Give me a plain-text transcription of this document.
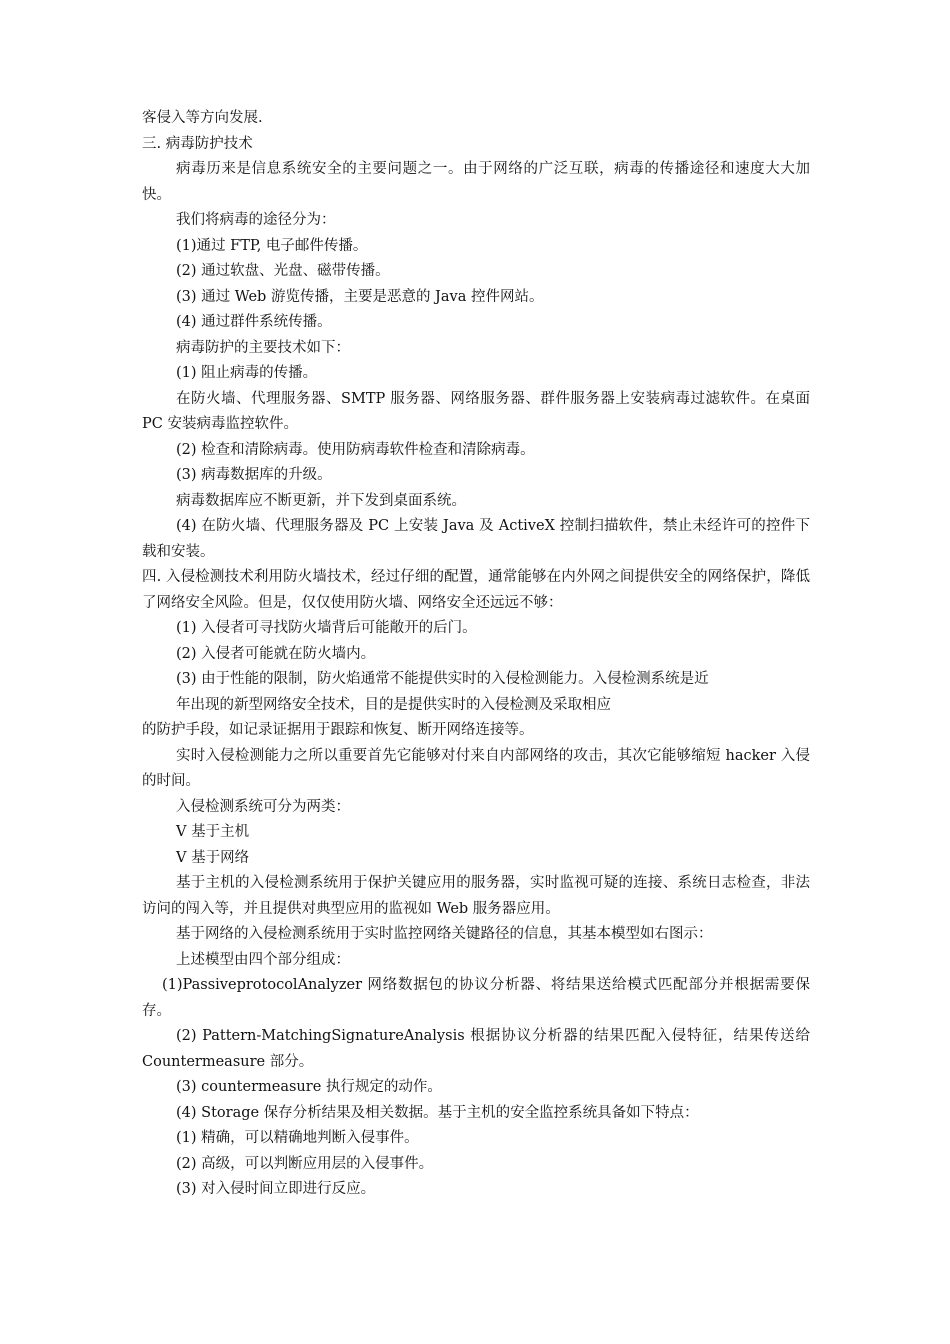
客侵入等方向发展.

三. 病毒防护技术

病毒历来是信息系统安全的主要问题之一。由于网络的广泛互联，病毒的传播途径和速度大大加快。

我们将病毒的途径分为：

(1)通过 FTP, 电子邮件传播。

(2) 通过软盘、光盘、磁带传播。

(3) 通过 Web 游览传播，主要是恶意的 Java 控件网站。

(4) 通过群件系统传播。

病毒防护的主要技术如下：

(1) 阻止病毒的传播。

在防火墙、代理服务器、SMTP 服务器、网络服务器、群件服务器上安装病毒过滤软件。在桌面 PC 安装病毒监控软件。

(2) 检查和清除病毒。使用防病毒软件检查和清除病毒。

(3) 病毒数据库的升级。

病毒数据库应不断更新，并下发到桌面系统。

(4) 在防火墙、代理服务器及 PC 上安装 Java 及 ActiveX 控制扫描软件，禁止未经许可的控件下载和安装。

四. 入侵检测技术利用防火墙技术，经过仔细的配置，通常能够在内外网之间提供安全的网络保护，降低了网络安全风险。但是，仅仅使用防火墙、网络安全还远远不够：

(1) 入侵者可寻找防火墙背后可能敞开的后门。

(2) 入侵者可能就在防火墙内。

(3) 由于性能的限制，防火焰通常不能提供实时的入侵检测能力。入侵检测系统是近

年出现的新型网络安全技术，目的是提供实时的入侵检测及采取相应

的防护手段，如记录证据用于跟踪和恢复、断开网络连接等。

实时入侵检测能力之所以重要首先它能够对付来自内部网络的攻击，其次它能够缩短 hacker 入侵的时间。

入侵检测系统可分为两类：

V 基于主机

V 基于网络

基于主机的入侵检测系统用于保护关键应用的服务器，实时监视可疑的连接、系统日志检查，非法访问的闯入等，并且提供对典型应用的监视如 Web 服务器应用。

基于网络的入侵检测系统用于实时监控网络关键路径的信息，其基本模型如右图示：

上述模型由四个部分组成：

(1)PassiveprotocolAnalyzer 网络数据包的协议分析器、将结果送给模式匹配部分并根据需要保存。

(2) Pattern-MatchingSignatureAnalysis 根据协议分析器的结果匹配入侵特征，结果传送给 Countermeasure 部分。

(3) countermeasure 执行规定的动作。

(4) Storage 保存分析结果及相关数据。基于主机的安全监控系统具备如下特点：

(1) 精确，可以精确地判断入侵事件。

(2) 高级，可以判断应用层的入侵事件。

(3) 对入侵时间立即进行反应。
